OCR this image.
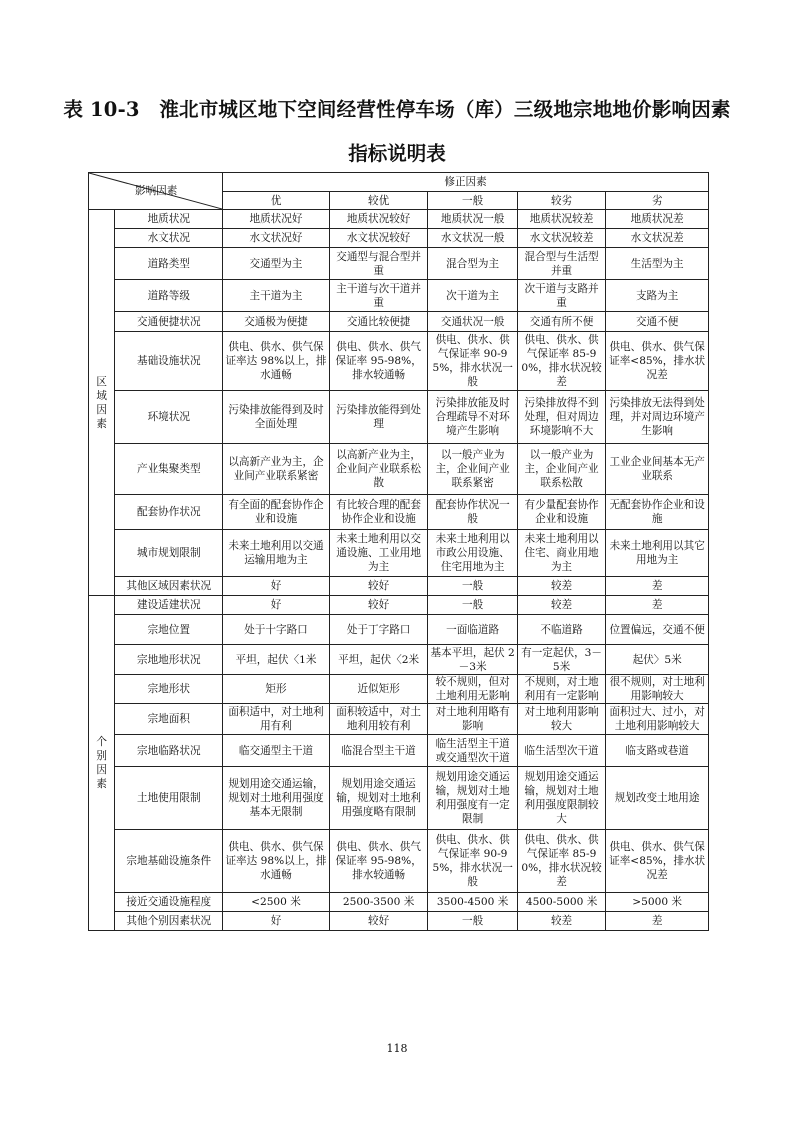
表 10-3　淮北市城区地下空间经营性停车场（库）三级地宗地地价影响因素
指标说明表
影响因素		修正因素				
		优	较优	一般	较劣	劣

区域因素	地质状况	地质状况好	地质状况较好	地质状况一般	地质状况较差	地质状况差
	水文状况	水文状况好	水文状况较好	水文状况一般	水文状况较差	水文状况差
	道路类型	交通型为主	交通型与混合型并重	混合型为主	混合型与生活型并重	生活型为主
	道路等级	主干道为主	主干道与次干道并重	次干道为主	次干道与支路并重	支路为主
	交通便捷状况	交通极为便捷	交通比较便捷	交通状况一般	交通有所不便	交通不便
	基础设施状况	供电、供水、供气保证率达 98%以上，排水通畅	供电、供水、供气保证率 95-98%，排水较通畅	供电、供水、供气保证率 90-95%，排水状况一般	供电、供水、供气保证率 85-90%，排水状况较差	供电、供水、供气保证率<85%，排水状况差
	环境状况	污染排放能得到及时全面处理	污染排放能得到处理	污染排放能及时合理疏导不对环境产生影响	污染排放得不到处理，但对周边环境影响不大	污染排放无法得到处理，并对周边环境产生影响
	产业集聚类型	以高新产业为主，企业间产业联系紧密	以高新产业为主，企业间产业联系松散	以一般产业为主，企业间产业联系紧密	以一般产业为主，企业间产业联系松散	工业企业间基本无产业联系
	配套协作状况	有全面的配套协作企业和设施	有比较合理的配套协作企业和设施	配套协作状况一般	有少量配套协作企业和设施	无配套协作企业和设施
	城市规划限制	未来土地利用以交通运输用地为主	未来土地利用以交通设施、工业用地为主	未来土地利用以市政公用设施、住宅用地为主	未来土地利用以住宅、商业用地为主	未来土地利用以其它用地为主
	其他区域因素状况	好	较好	一般	较差	差

个别因素	建设适建状况	好	较好	一般	较差	差
	宗地位置	处于十字路口	处于丁字路口	一面临道路	不临道路	位置偏远，交通不便
	宗地地形状况	平坦，起伏〈1米	平坦，起伏〈2米	基本平坦，起伏 2－3米	有一定起伏，3－5米	起伏〉5米
	宗地形状	矩形	近似矩形	较不规则，但对土地利用无影响	不规则，对土地利用有一定影响	很不规则，对土地利用影响较大
	宗地面积	面积适中，对土地利用有利	面积较适中，对土地利用较有利	对土地利用略有影响	对土地利用影响较大	面积过大、过小，对土地利用影响较大
	宗地临路状况	临交通型主干道	临混合型主干道	临生活型主干道或交通型次干道	临生活型次干道	临支路或巷道
	土地使用限制	规划用途交通运输，规划对土地利用强度基本无限制	规划用途交通运输，规划对土地利用强度略有限制	规划用途交通运输，规划对土地利用强度有一定限制	规划用途交通运输，规划对土地利用强度限制较大	规划改变土地用途
	宗地基础设施条件	供电、供水、供气保证率达 98%以上，排水通畅	供电、供水、供气保证率 95-98%，排水较通畅	供电、供水、供气保证率 90-95%，排水状况一般	供电、供水、供气保证率 85-90%，排水状况较差	供电、供水、供气保证率<85%，排水状况差
	接近交通设施程度	<2500 米	2500-3500 米	3500-4500 米	4500-5000 米	>5000 米
	其他个别因素状况	好	较好	一般	较差	差
118
